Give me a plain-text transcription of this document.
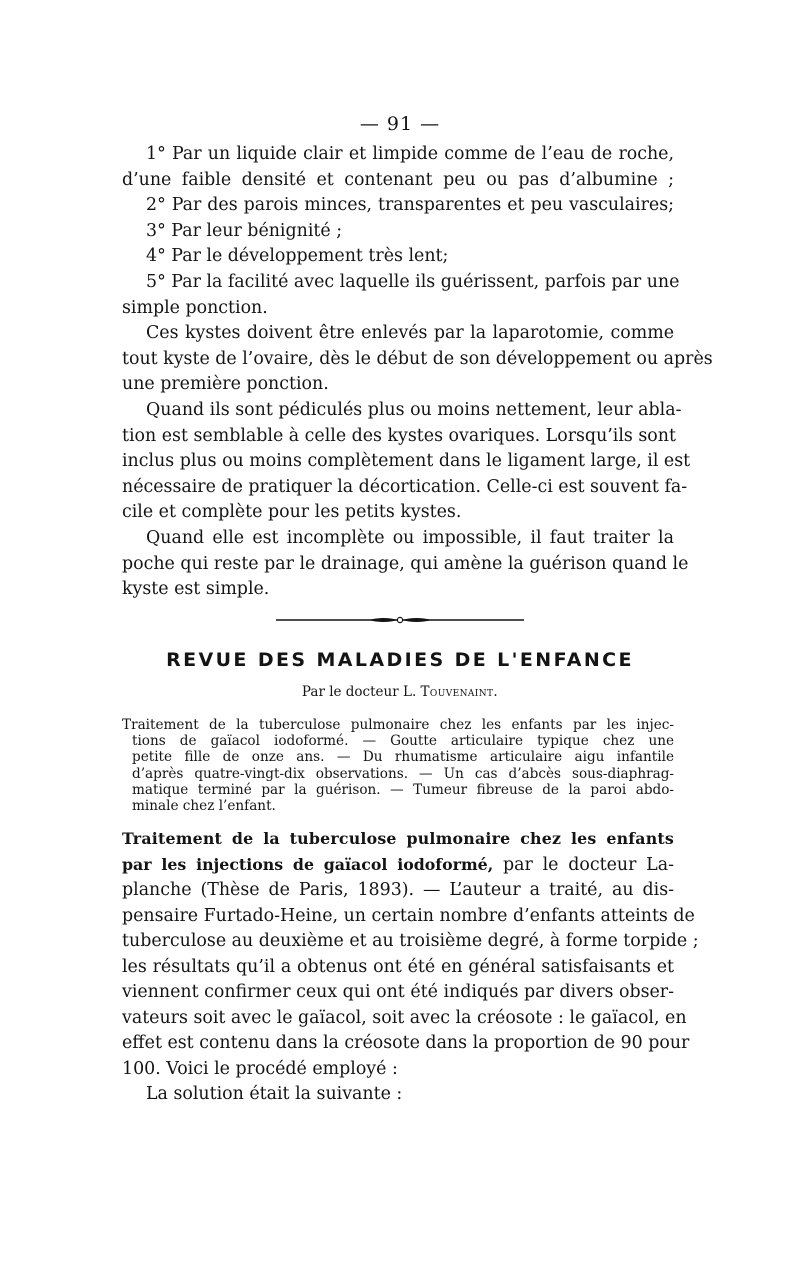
— 91 —
1° Par un liquide clair et limpide comme de l’eau de roche,
d’une faible densité et contenant peu ou pas d’albumine ;
2° Par des parois minces, transparentes et peu vasculaires;
3° Par leur bénignité ;
4° Par le développement très lent;
5° Par la facilité avec laquelle ils guérissent, parfois par une
simple ponction.
Ces kystes doivent être enlevés par la laparotomie, comme
tout kyste de l’ovaire, dès le début de son développement ou après
une première ponction.
Quand ils sont pédiculés plus ou moins nettement, leur abla-
tion est semblable à celle des kystes ovariques. Lorsqu’ils sont
inclus plus ou moins complètement dans le ligament large, il est
nécessaire de pratiquer la décortication. Celle-ci est souvent fa-
cile et complète pour les petits kystes.
Quand elle est incomplète ou impossible, il faut traiter la
poche qui reste par le drainage, qui amène la guérison quand le
kyste est simple.
REVUE DES MALADIES DE L'ENFANCE
Par le docteur L. Touvenaint.
Traitement de la tuberculose pulmonaire chez les enfants par les injec-
tions de gaïacol iodoformé. — Goutte articulaire typique chez une
petite fille de onze ans. — Du rhumatisme articulaire aigu infantile
d’après quatre-vingt-dix observations. — Un cas d’abcès sous-diaphrag-
matique terminé par la guérison. — Tumeur fibreuse de la paroi abdo-
minale chez l’enfant.
Traitement de la tuberculose pulmonaire chez les enfants
par les injections de gaïacol iodoformé, par le docteur La-
planche (Thèse de Paris, 1893). — L’auteur a traité, au dis-
pensaire Furtado-Heine, un certain nombre d’enfants atteints de
tuberculose au deuxième et au troisième degré, à forme torpide ;
les résultats qu’il a obtenus ont été en général satisfaisants et
viennent confirmer ceux qui ont été indiqués par divers obser-
vateurs soit avec le gaïacol, soit avec la créosote : le gaïacol, en
effet est contenu dans la créosote dans la proportion de 90 pour
100. Voici le procédé employé :
La solution était la suivante :
